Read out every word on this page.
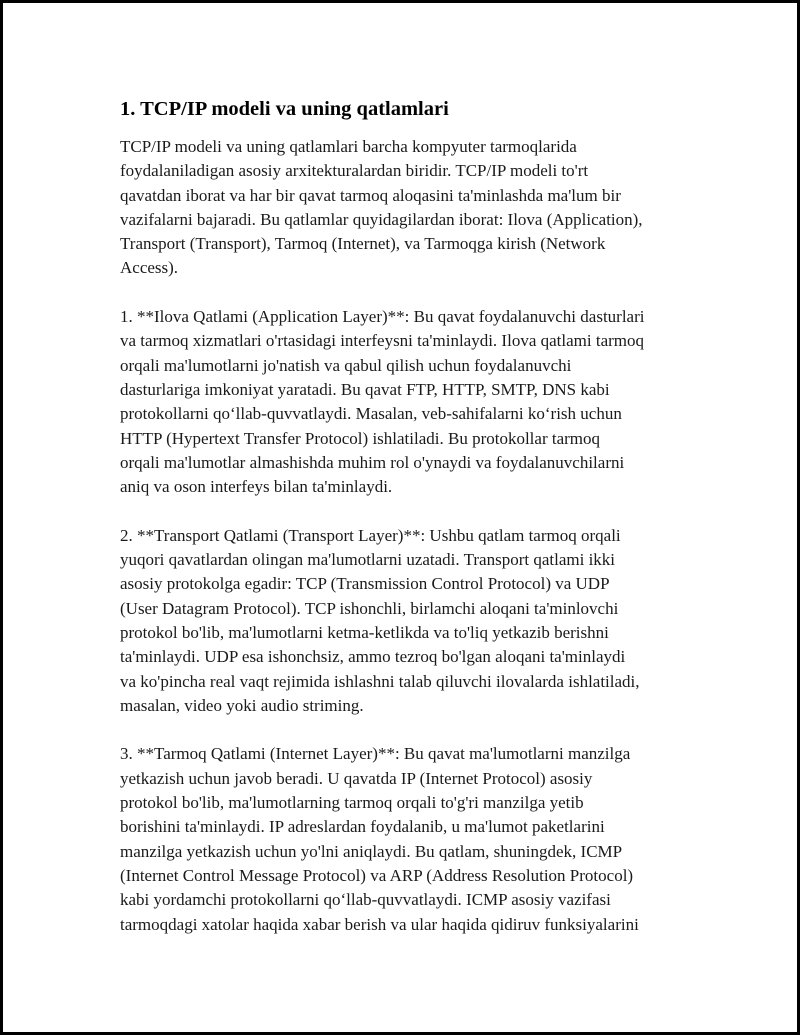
1. TCP/IP modeli va uning qatlamlari

TCP/IP modeli va uning qatlamlari barcha kompyuter tarmoqlarida
foydalaniladigan asosiy arxitekturalardan biridir. TCP/IP modeli to'rt
qavatdan iborat va har bir qavat tarmoq aloqasini ta'minlashda ma'lum bir
vazifalarni bajaradi. Bu qatlamlar quyidagilardan iborat: Ilova (Application),
Transport (Transport), Tarmoq (Internet), va Tarmoqga kirish (Network
Access).

1. **Ilova Qatlami (Application Layer)**: Bu qavat foydalanuvchi dasturlari
va tarmoq xizmatlari o'rtasidagi interfeysni ta'minlaydi. Ilova qatlami tarmoq
orqali ma'lumotlarni jo'natish va qabul qilish uchun foydalanuvchi
dasturlariga imkoniyat yaratadi. Bu qavat FTP, HTTP, SMTP, DNS kabi
protokollarni qo‘llab-quvvatlaydi. Masalan, veb-sahifalarni ko‘rish uchun
HTTP (Hypertext Transfer Protocol) ishlatiladi. Bu protokollar tarmoq
orqali ma'lumotlar almashishda muhim rol o'ynaydi va foydalanuvchilarni
aniq va oson interfeys bilan ta'minlaydi.

2. **Transport Qatlami (Transport Layer)**: Ushbu qatlam tarmoq orqali
yuqori qavatlardan olingan ma'lumotlarni uzatadi. Transport qatlami ikki
asosiy protokolga egadir: TCP (Transmission Control Protocol) va UDP
(User Datagram Protocol). TCP ishonchli, birlamchi aloqani ta'minlovchi
protokol bo'lib, ma'lumotlarni ketma-ketlikda va to'liq yetkazib berishni
ta'minlaydi. UDP esa ishonchsiz, ammo tezroq bo'lgan aloqani ta'minlaydi
va ko'pincha real vaqt rejimida ishlashni talab qiluvchi ilovalarda ishlatiladi,
masalan, video yoki audio striming.

3. **Tarmoq Qatlami (Internet Layer)**: Bu qavat ma'lumotlarni manzilga
yetkazish uchun javob beradi. U qavatda IP (Internet Protocol) asosiy
protokol bo'lib, ma'lumotlarning tarmoq orqali to'g'ri manzilga yetib
borishini ta'minlaydi. IP adreslardan foydalanib, u ma'lumot paketlarini
manzilga yetkazish uchun yo'lni aniqlaydi. Bu qatlam, shuningdek, ICMP
(Internet Control Message Protocol) va ARP (Address Resolution Protocol)
kabi yordamchi protokollarni qo‘llab-quvvatlaydi. ICMP asosiy vazifasi
tarmoqdagi xatolar haqida xabar berish va ular haqida qidiruv funksiyalarini
